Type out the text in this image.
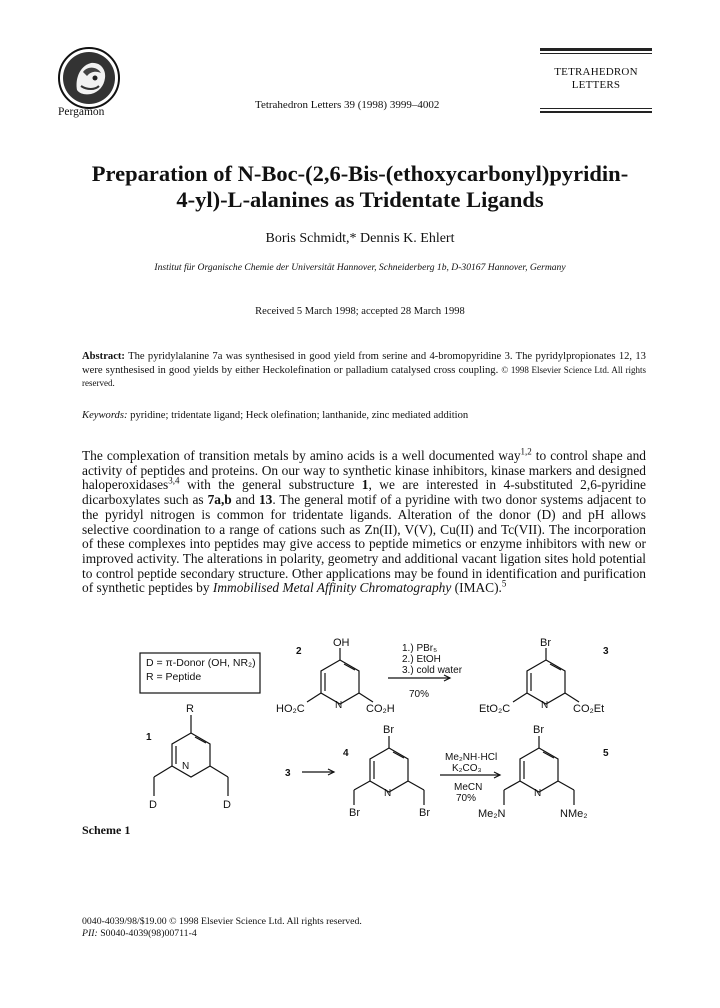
Pergamon
Tetrahedron Letters 39 (1998) 3999–4002
TETRAHEDRON
LETTERS
Preparation of N-Boc-(2,6-Bis-(ethoxycarbonyl)pyridin-
4-yl)-L-alanines as Tridentate Ligands
Boris Schmidt,* Dennis K. Ehlert
Institut für Organische Chemie der Universität Hannover, Schneiderberg 1b, D-30167 Hannover, Germany
Received 5 March 1998; accepted 28 March 1998
Abstract: The pyridylalanine 7a was synthesised in good yield from serine and 4-bromopyridine 3. The pyridylpropionates 12, 13 were synthesised in good yields by either Heckolefination or palladium catalysed cross coupling. © 1998 Elsevier Science Ltd. All rights reserved.
Keywords: pyridine; tridentate ligand; Heck olefination; lanthanide, zinc mediated addition
The complexation of transition metals by amino acids is a well documented way$^{1,2}$ to control shape and activity of peptides and proteins. On our way to synthetic kinase inhibitors, kinase markers and designed haloperoxidases$^{3,4}$ with the general substructure 1, we are interested in 4-substituted 2,6-pyridine dicarboxylates such as 7a,b and 13. The general motif of a pyridine with two donor systems adjacent to the pyridyl nitrogen is common for tridentate ligands. Alteration of the donor (D) and pH allows selective coordination to a range of cations such as Zn(II), V(V), Cu(II) and Tc(VII). The incorporation of these complexes into peptides may give access to peptide mimetics or enzyme inhibitors with new or improved activity. The alterations in polarity, geometry and additional vacant ligation sites hold potential to control peptide secondary structure. Other applications may be found in identification and purification of synthetic peptides by Immobilised Metal Affinity Chromatography (IMAC).$^5$
D = π-Donor (OH, NR₂)
R = Peptide
1
R
N
D	D
2
OH
N
HO₂C	CO₂H
1.) PBr₅
2.) EtOH
3.) cold water
70%
Br
3
N
EtO₂C	CO₂Et
3
Br
4
N
Br	Br
Me₂NH·HCl
K₂CO₃
MeCN
70%
Br
5
N
Me₂N	NMe₂
Scheme 1
0040-4039/98/$19.00 © 1998 Elsevier Science Ltd. All rights reserved.
PII: S0040-4039(98)00711-4
